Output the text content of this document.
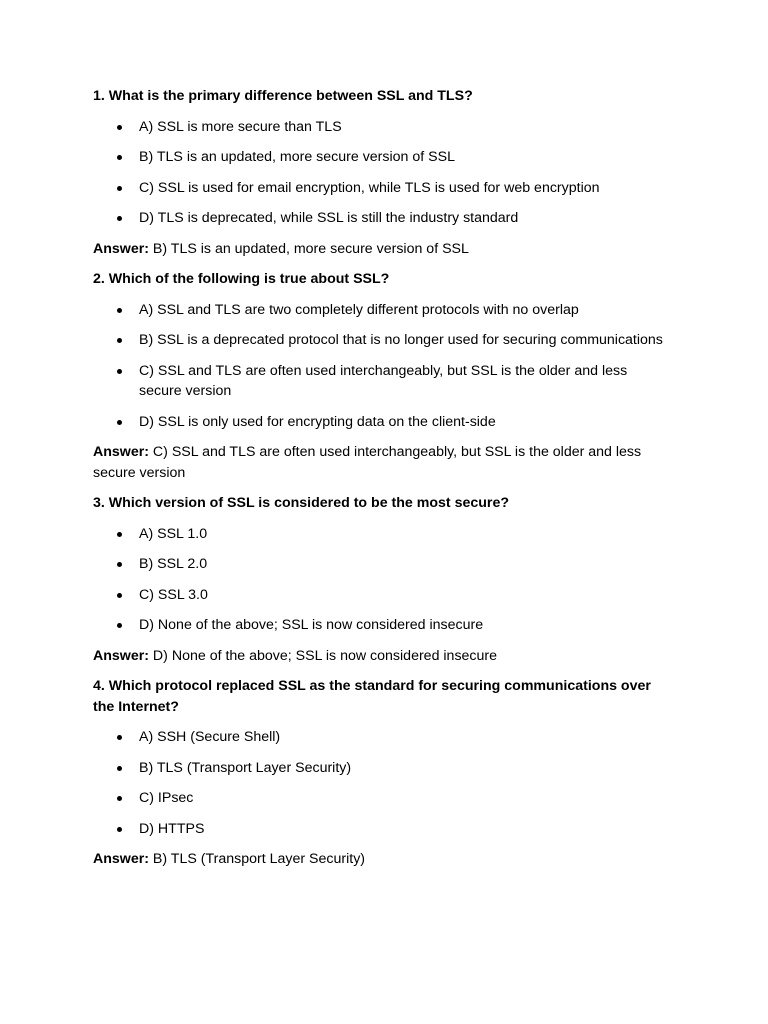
1. What is the primary difference between SSL and TLS?

A) SSL is more secure than TLS
B) TLS is an updated, more secure version of SSL
C) SSL is used for email encryption, while TLS is used for web encryption
D) TLS is deprecated, while SSL is still the industry standard

Answer: B) TLS is an updated, more secure version of SSL

2. Which of the following is true about SSL?

A) SSL and TLS are two completely different protocols with no overlap
B) SSL is a deprecated protocol that is no longer used for securing communications
C) SSL and TLS are often used interchangeably, but SSL is the older and less secure version
D) SSL is only used for encrypting data on the client-side

Answer: C) SSL and TLS are often used interchangeably, but SSL is the older and less secure version

3. Which version of SSL is considered to be the most secure?

A) SSL 1.0
B) SSL 2.0
C) SSL 3.0
D) None of the above; SSL is now considered insecure

Answer: D) None of the above; SSL is now considered insecure

4. Which protocol replaced SSL as the standard for securing communications over the Internet?

A) SSH (Secure Shell)
B) TLS (Transport Layer Security)
C) IPsec
D) HTTPS

Answer: B) TLS (Transport Layer Security)
